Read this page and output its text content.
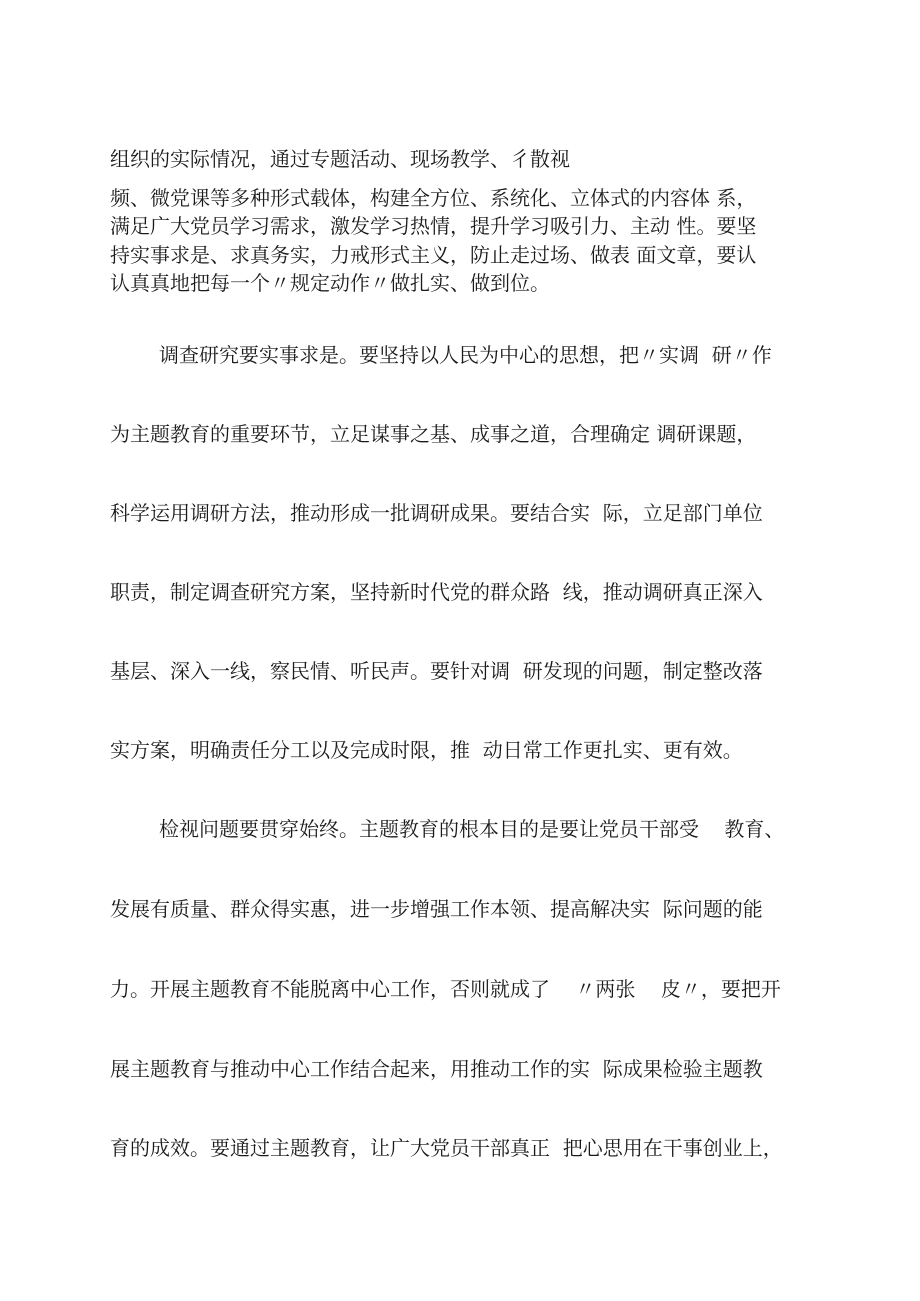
组织的实际情况，通过专题活动、现场教学、彳散视
频、微党课等多种形式载体，构建全方位、系统化、立体式的内容体 系，
满足广大党员学习需求，激发学习热情，提升学习吸引力、主动 性。要坚
持实事求是、求真务实，力戒形式主义，防止走过场、做表 面文章，要认
认真真地把每一个〃规定动作〃做扎实、做到位。
调查研究要实事求是。要坚持以人民为中心的思想，把〃实调  研〃作
为主题教育的重要环节，立足谋事之基、成事之道，合理确定 调研课题，
科学运用调研方法，推动形成一批调研成果。要结合实  际，立足部门单位
职责，制定调查研究方案，坚持新时代党的群众路  线，推动调研真正深入
基层、深入一线，察民情、听民声。要针对调  研发现的问题，制定整改落
实方案，明确责任分工以及完成时限，推  动日常工作更扎实、更有效。
检视问题要贯穿始终。主题教育的根本目的是要让党员干部受    教育、
发展有质量、群众得实惠，进一步增强工作本领、提高解决实  际问题的能
力。开展主题教育不能脱离中心工作，否则就成了    〃两张    皮〃，要把开
展主题教育与推动中心工作结合起来，用推动工作的实  际成果检验主题教
育的成效。要通过主题教育，让广大党员干部真正  把心思用在干事创业上，
